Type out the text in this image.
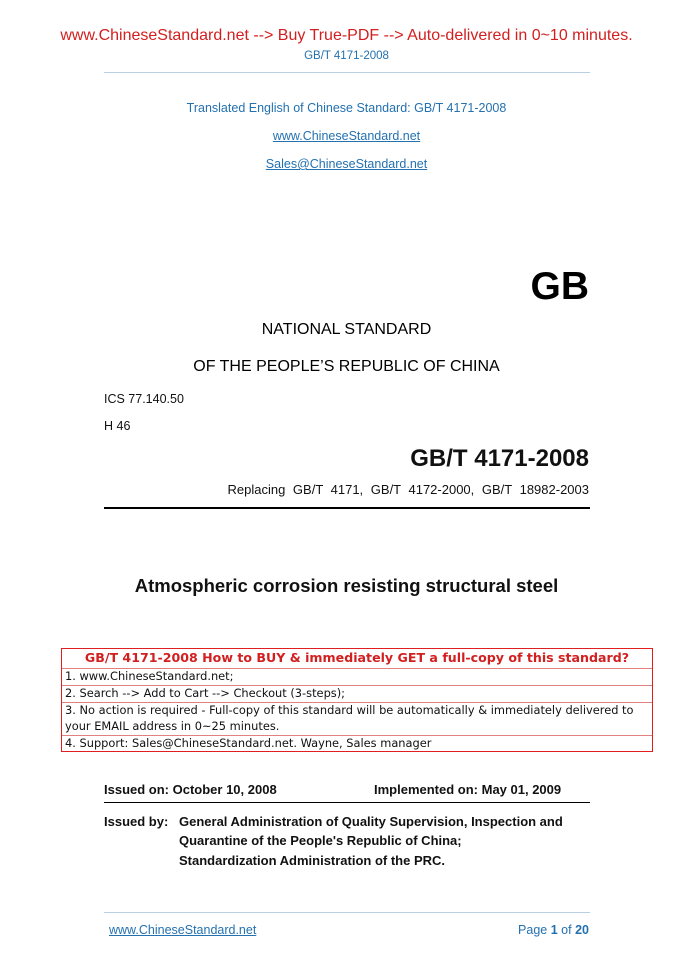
www.ChineseStandard.net --> Buy True-PDF --> Auto-delivered in 0~10 minutes.
GB/T 4171-2008
Translated English of Chinese Standard: GB/T 4171-2008
www.ChineseStandard.net
Sales@ChineseStandard.net
GB
NATIONAL STANDARD
OF THE PEOPLE’S REPUBLIC OF CHINA
ICS 77.140.50
H 46
GB/T 4171-2008
Replacing GB/T 4171, GB/T 4172-2000, GB/T 18982-2003
Atmospheric corrosion resisting structural steel
GB/T 4171-2008 How to BUY & immediately GET a full-copy of this standard?
1. www.ChineseStandard.net;
2. Search --> Add to Cart --> Checkout (3-steps);
3. No action is required - Full-copy of this standard will be automatically & immediately delivered to
your EMAIL address in 0~25 minutes.
4. Support: Sales@ChineseStandard.net. Wayne, Sales manager
Issued on: October 10, 2008	Implemented on: May 01, 2009
Issued by: General Administration of Quality Supervision, Inspection and Quarantine of the People's Republic of China;
Standardization Administration of the PRC.
www.ChineseStandard.net	Page 1 of 20
